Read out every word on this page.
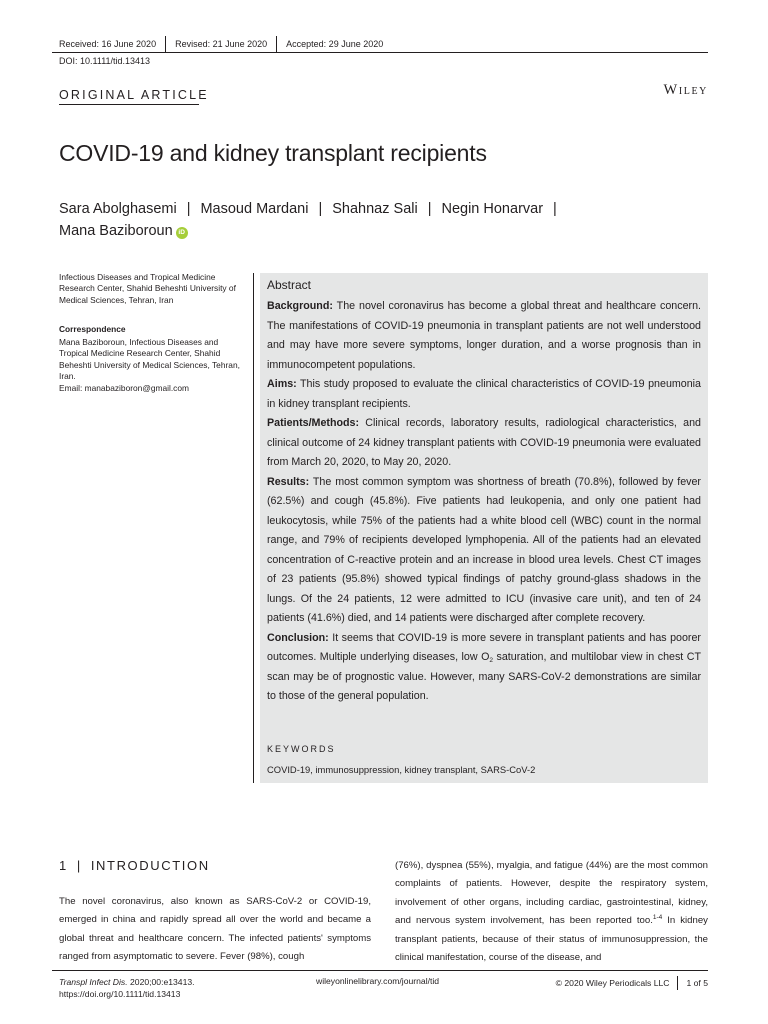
Received: 16 June 2020 Revised: 21 June 2020 Accepted: 29 June 2020
DOI: 10.1111/tid.13413
ORIGINAL ARTICLE	Wiley
COVID-19 and kidney transplant recipients
Sara Abolghasemi | Masoud Mardani | Shahnaz Sali | Negin Honarvar |
Mana Baziboroun iD
Infectious Diseases and Tropical Medicine Research Center, Shahid Beheshti University of Medical Sciences, Tehran, Iran
Correspondence
Mana Baziboroun, Infectious Diseases and Tropical Medicine Research Center, Shahid Beheshti University of Medical Sciences, Tehran, Iran.
Email: manabaziboron@gmail.com
Abstract

Background: The novel coronavirus has become a global threat and healthcare concern. The manifestations of COVID-19 pneumonia in transplant patients are not well understood and may have more severe symptoms, longer duration, and a worse prognosis than in immunocompetent populations.

Aims: This study proposed to evaluate the clinical characteristics of COVID-19 pneumonia in kidney transplant recipients.

Patients/Methods: Clinical records, laboratory results, radiological characteristics, and clinical outcome of 24 kidney transplant patients with COVID-19 pneumonia were evaluated from March 20, 2020, to May 20, 2020.

Results: The most common symptom was shortness of breath (70.8%), followed by fever (62.5%) and cough (45.8%). Five patients had leukopenia, and only one patient had leukocytosis, while 75% of the patients had a white blood cell (WBC) count in the normal range, and 79% of recipients developed lymphopenia. All of the patients had an elevated concentration of C-reactive protein and an increase in blood urea levels. Chest CT images of 23 patients (95.8%) showed typical findings of patchy ground-glass shadows in the lungs. Of the 24 patients, 12 were admitted to ICU (invasive care unit), and ten of 24 patients (41.6%) died, and 14 patients were discharged after complete recovery.

Conclusion: It seems that COVID-19 is more severe in transplant patients and has poorer outcomes. Multiple underlying diseases, low $O_2$ saturation, and multilobar view in chest CT scan may be of prognostic value. However, many SARS-CoV-2 demonstrations are similar to those of the general population.

KEYWORDS
COVID-19, immunosuppression, kidney transplant, SARS-CoV-2
1 | INTRODUCTION
The novel coronavirus, also known as SARS-CoV-2 or COVID-19, emerged in china and rapidly spread all over the world and became a global threat and healthcare concern. The infected patients' symptoms ranged from asymptomatic to severe. Fever (98%), cough
(76%), dyspnea (55%), myalgia, and fatigue (44%) are the most common complaints of patients. However, despite the respiratory system, involvement of other organs, including cardiac, gastrointestinal, kidney, and nervous system involvement, has been reported too.$^{1-4}$ In kidney transplant patients, because of their status of immunosuppression, the clinical manifestation, course of the disease, and
Transpl Infect Dis. 2020;00:e13413.
https://doi.org/10.1111/tid.13413
wileyonlinelibrary.com/journal/tid	© 2020 Wiley Periodicals LLC 1 of 5
